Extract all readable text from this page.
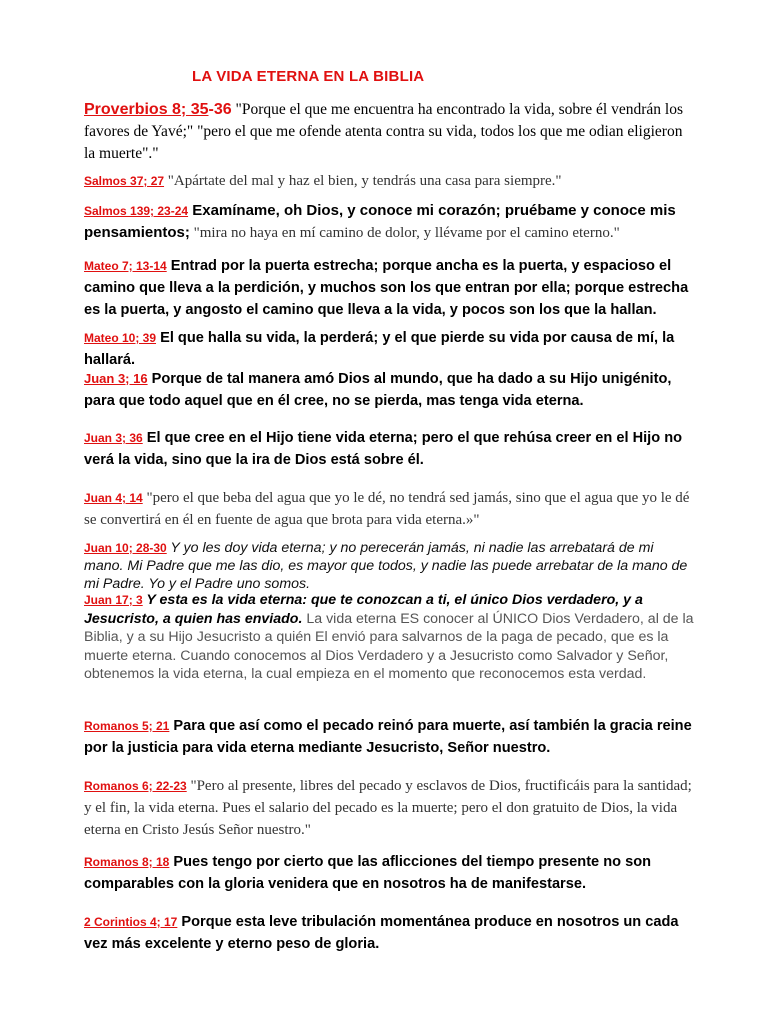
LA VIDA ETERNA EN LA BIBLIA

Proverbios 8; 35-36 "Porque el que me encuentra ha encontrado la vida, sobre él vendrán los favores de Yavé;" "pero el que me ofende atenta contra su vida, todos los que me odian eligieron la muerte"."

Salmos 37; 27 "Apártate del mal y haz el bien, y tendrás una casa para siempre."

Salmos 139; 23-24 Examíname, oh Dios, y conoce mi corazón; pruébame y conoce mis pensamientos; "mira no haya en mí camino de dolor, y llévame por el camino eterno."

Mateo 7; 13-14 Entrad por la puerta estrecha; porque ancha es la puerta, y espacioso el camino que lleva a la perdición, y muchos son los que entran por ella; porque estrecha es la puerta, y angosto el camino que lleva a la vida, y pocos son los que la hallan.

Mateo 10; 39 El que halla su vida, la perderá; y el que pierde su vida por causa de mí, la hallará.

Juan 3; 16 Porque de tal manera amó Dios al mundo, que ha dado a su Hijo unigénito, para que todo aquel que en él cree, no se pierda, mas tenga vida eterna.

Juan 3; 36 El que cree en el Hijo tiene vida eterna; pero el que rehúsa creer en el Hijo no verá la vida, sino que la ira de Dios está sobre él.

Juan 4; 14 "pero el que beba del agua que yo le dé, no tendrá sed jamás, sino que el agua que yo le dé se convertirá en él en fuente de agua que brota para vida eterna.»"

Juan 10; 28-30 Y yo les doy vida eterna; y no perecerán jamás, ni nadie las arrebatará de mi mano. Mi Padre que me las dio, es mayor que todos, y nadie las puede arrebatar de la mano de mi Padre. Yo y el Padre uno somos.

Juan 17; 3 Y esta es la vida eterna: que te conozcan a ti, el único Dios verdadero, y a Jesucristo, a quien has enviado. La vida eterna ES conocer al ÚNICO Dios Verdadero, al de la Biblia, y a su Hijo Jesucristo a quién El envió para salvarnos de la paga de pecado, que es la muerte eterna. Cuando conocemos al Dios Verdadero y a Jesucristo como Salvador y Señor, obtenemos la vida eterna, la cual empieza en el momento que reconocemos esta verdad.

Romanos 5; 21 Para que así como el pecado reinó para muerte, así también la gracia reine por la justicia para vida eterna mediante Jesucristo, Señor nuestro.

Romanos 6; 22-23 "Pero al presente, libres del pecado y esclavos de Dios, fructificáis para la santidad; y el fin, la vida eterna. Pues el salario del pecado es la muerte; pero el don gratuito de Dios, la vida eterna en Cristo Jesús Señor nuestro."

Romanos 8; 18 Pues tengo por cierto que las aflicciones del tiempo presente no son comparables con la gloria venidera que en nosotros ha de manifestarse.

2 Corintios 4; 17 Porque esta leve tribulación momentánea produce en nosotros un cada vez más excelente y eterno peso de gloria.
